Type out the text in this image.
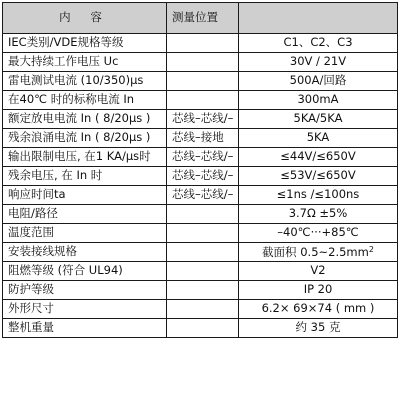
内 容	测量位置	
IEC类别/VDE规格等级		C1、C2、C3
最大持续工作电压 Uc		30V / 21V
雷电测试电流 (10/350)μs		500A/回路
在40℃ 时的标称电流 In		300mA
额定放电电流 In ( 8/20μs )	芯线–芯线/–	5KA/5KA
残余浪涌电流 In ( 8/20μs )	芯线–接地	5KA
输出限制电压, 在1 KA/μs时	芯线–芯线/–	≤44V/≤650V
残余电压, 在 In 时	芯线–芯线/–	≤53V/≤650V
响应时间ta	芯线–芯线/–	≤1ns /≤100ns
电阻/路径		3.7Ω ±5%
温度范围		–40℃···+85℃
安装接线规格		截面积 $0.5\sim 2.5mm^2$
阻燃等级 (符合 UL94)		V2
防护等级		IP 20
外形尺寸		6.2× 69×74 ( mm )
整机重量		约 35 克
